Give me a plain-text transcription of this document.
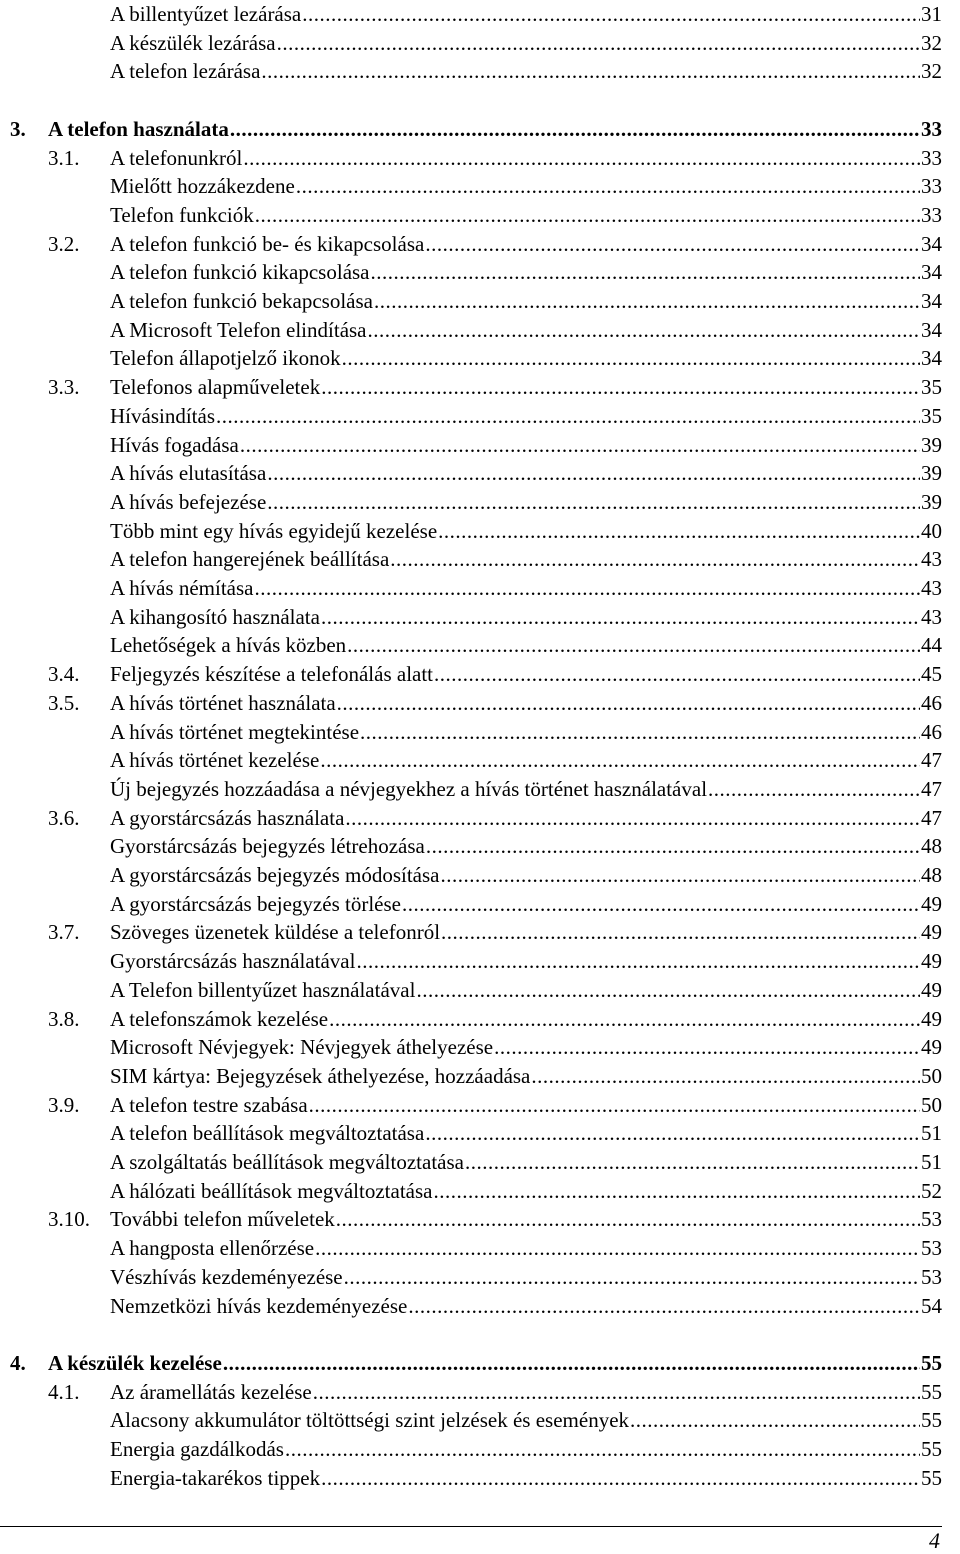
A billentyűzet lezárása .....	31
A készülék lezárása .....	32
A telefon lezárása .....	32
3. A telefon használata .....	33
3.1. A telefonunkról .....	33
Mielőtt hozzákezdene .....	33
Telefon funkciók .....	33
3.2. A telefon funkció be- és kikapcsolása .....	34
A telefon funkció kikapcsolása .....	34
A telefon funkció bekapcsolása .....	34
A Microsoft Telefon elindítása .....	34
Telefon állapotjelző ikonok .....	34
3.3. Telefonos alapműveletek .....	35
Hívásindítás .....	35
Hívás fogadása .....	39
A hívás elutasítása .....	39
A hívás befejezése .....	39
Több mint egy hívás egyidejű kezelése .....	40
A telefon hangerejének beállítása .....	43
A hívás némítása .....	43
A kihangosító használata .....	43
Lehetőségek a hívás közben .....	44
3.4. Feljegyzés készítése a telefonálás alatt .....	45
3.5. A hívás történet használata .....	46
A hívás történet megtekintése .....	46
A hívás történet kezelése .....	47
Új bejegyzés hozzáadása a névjegyekhez a hívás történet használatával .....	47
3.6. A gyorstárcsázás használata .....	47
Gyorstárcsázás bejegyzés létrehozása .....	48
A gyorstárcsázás bejegyzés módosítása .....	48
A gyorstárcsázás bejegyzés törlése .....	49
3.7. Szöveges üzenetek küldése a telefonról .....	49
Gyorstárcsázás használatával .....	49
A Telefon billentyűzet használatával .....	49
3.8. A telefonszámok kezelése .....	49
Microsoft Névjegyek: Névjegyek áthelyezése .....	49
SIM kártya: Bejegyzések áthelyezése, hozzáadása .....	50
3.9. A telefon testre szabása .....	50
A telefon beállítások megváltoztatása .....	51
A szolgáltatás beállítások megváltoztatása .....	51
A hálózati beállítások megváltoztatása .....	52
3.10. További telefon műveletek .....	53
A hangposta ellenőrzése .....	53
Vészhívás kezdeményezése .....	53
Nemzetközi hívás kezdeményezése .....	54
4. A készülék kezelése .....	55
4.1. Az áramellátás kezelése .....	55
Alacsony akkumulátor töltöttségi szint jelzések és események .....	55
Energia gazdálkodás .....	55
Energia-takarékos tippek .....	55
4
